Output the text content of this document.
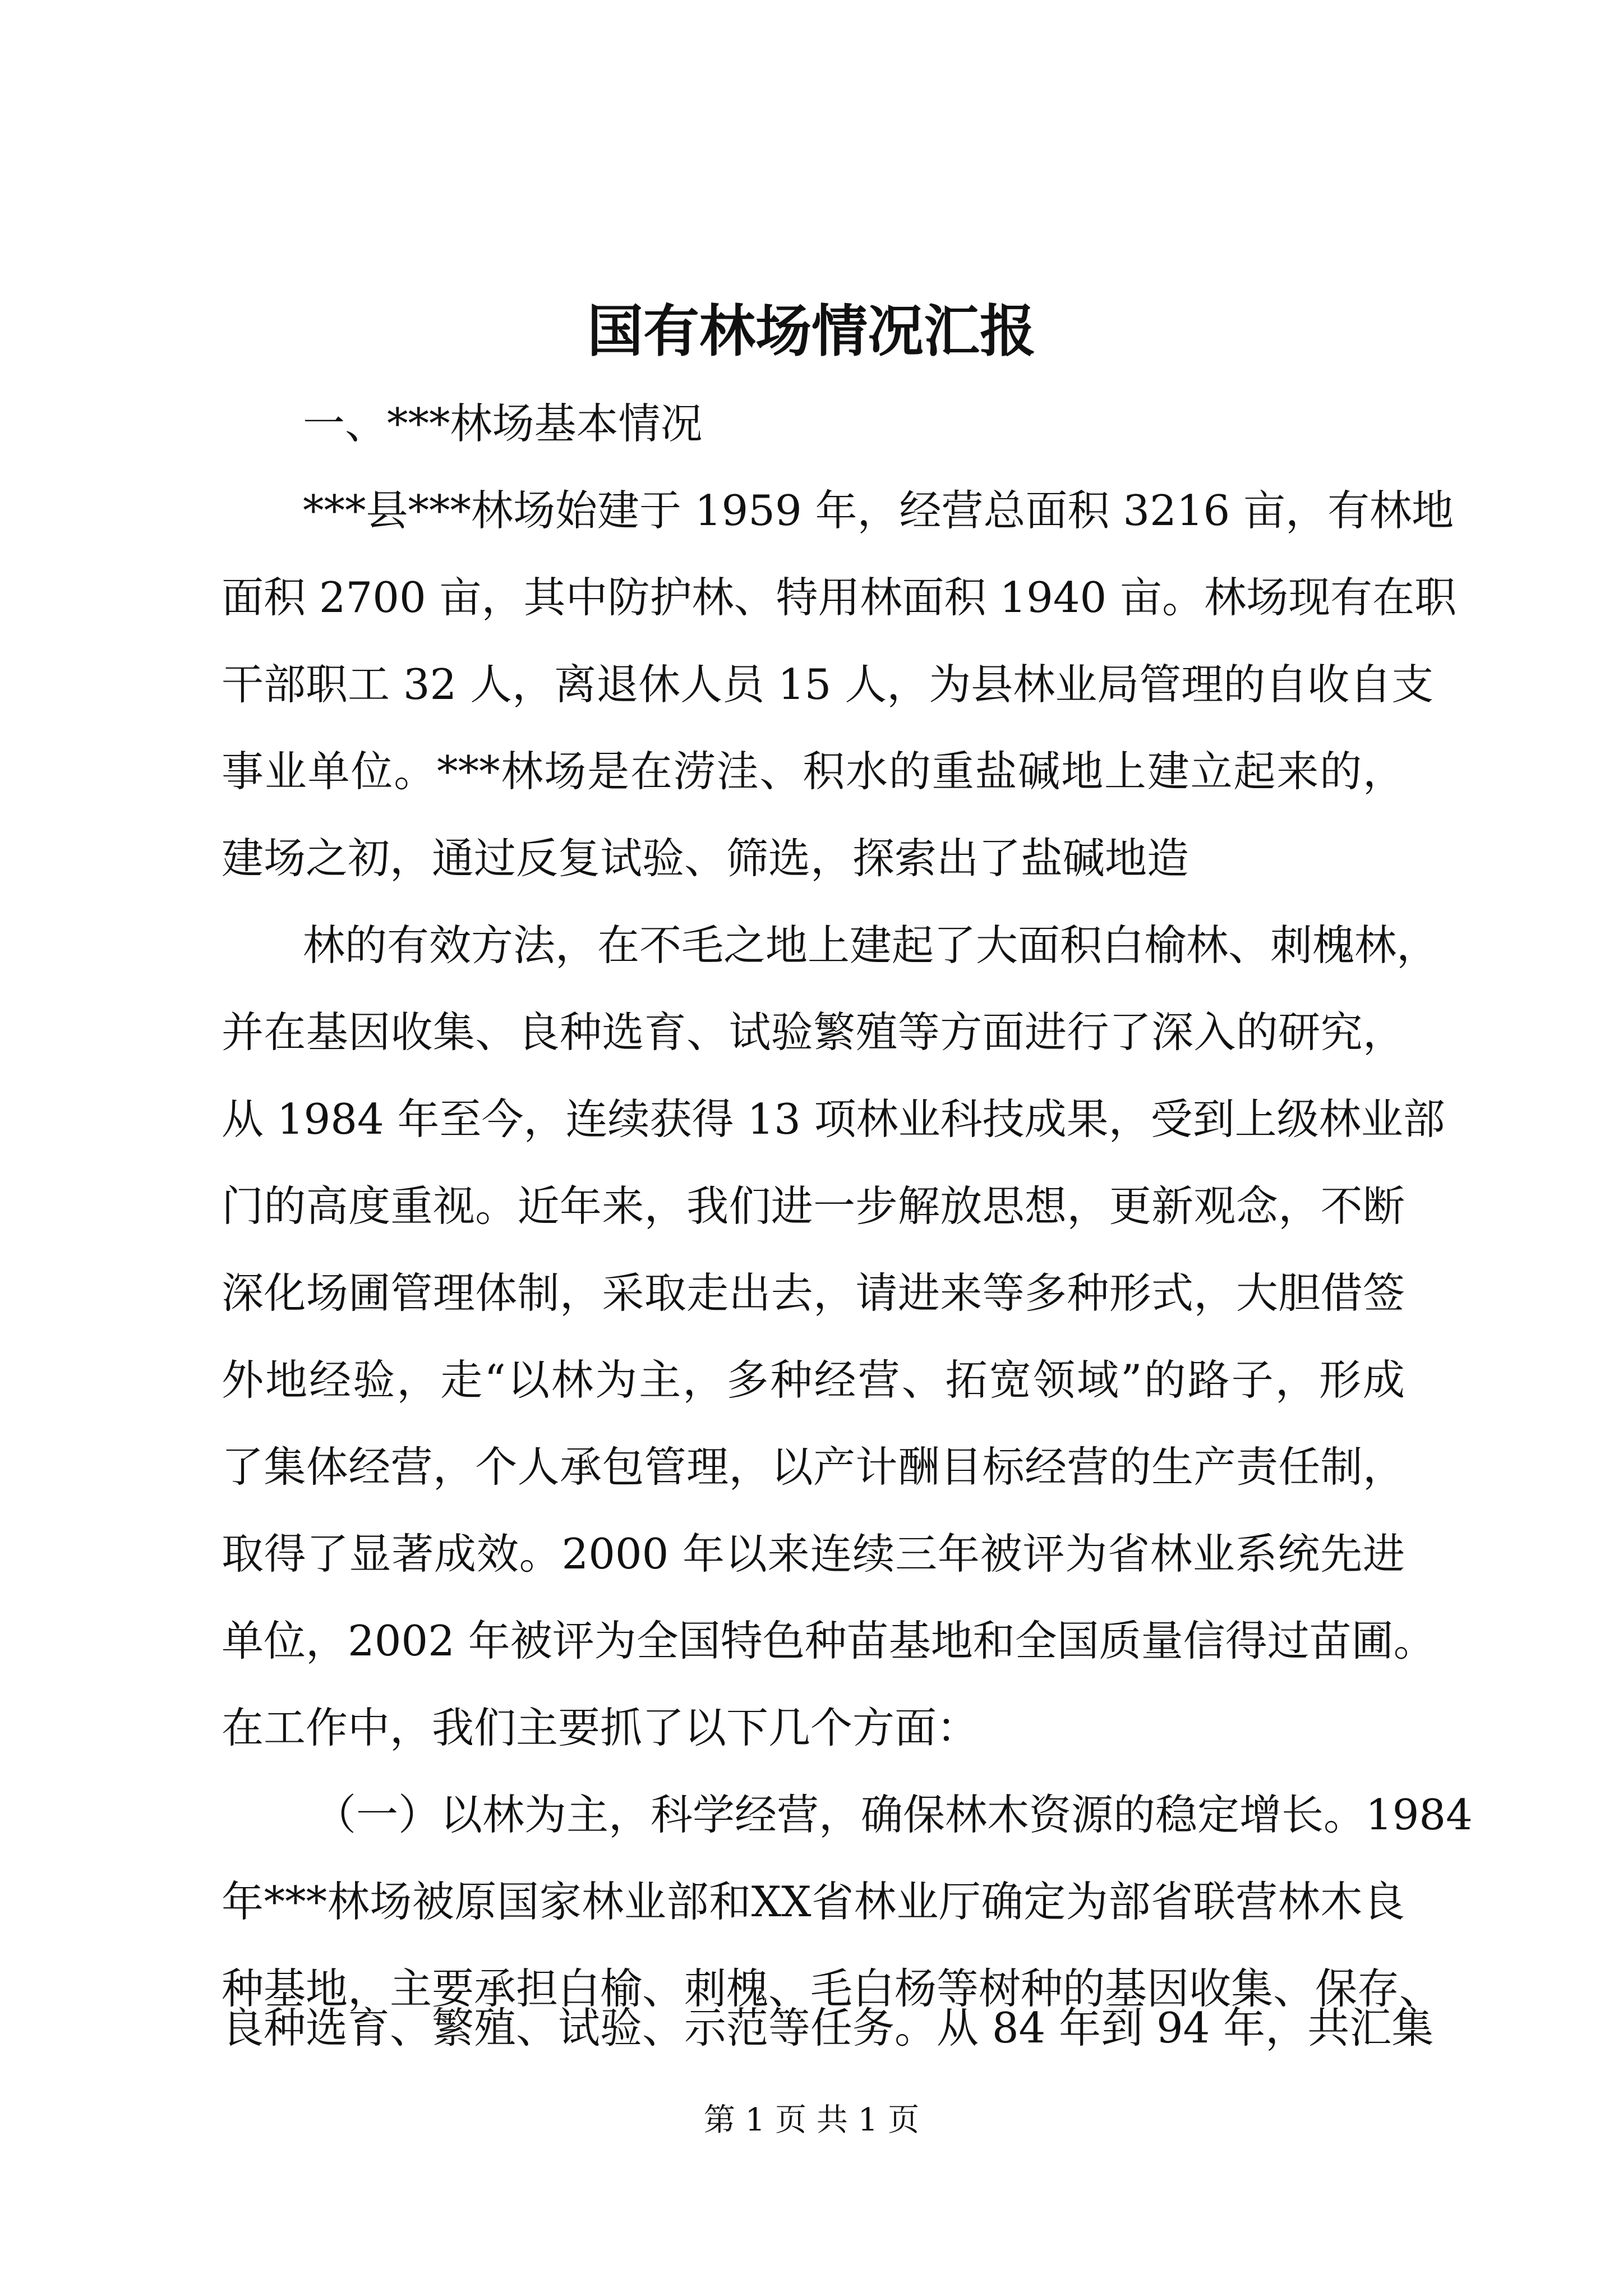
国有林场情况汇报
一、***林场基本情况
***县***林场始建于 1959 年，经营总面积 3216 亩，有林地
面积 2700 亩，其中防护林、特用林面积 1940 亩。林场现有在职
干部职工 32 人，离退休人员 15 人，为县林业局管理的自收自支
事业单位。***林场是在涝洼、积水的重盐碱地上建立起来的，
建场之初，通过反复试验、筛选，探索出了盐碱地造
林的有效方法，在不毛之地上建起了大面积白榆林、刺槐林，
并在基因收集、良种选育、试验繁殖等方面进行了深入的研究，
从 1984 年至今，连续获得 13 项林业科技成果，受到上级林业部
门的高度重视。近年来，我们进一步解放思想，更新观念，不断
深化场圃管理体制，采取走出去，请进来等多种形式，大胆借签
外地经验，走“以林为主，多种经营、拓宽领域”的路子，形成
了集体经营，个人承包管理，以产计酬目标经营的生产责任制，
取得了显著成效。2000 年以来连续三年被评为省林业系统先进
单位，2002 年被评为全国特色种苗基地和全国质量信得过苗圃。
在工作中，我们主要抓了以下几个方面：
（一）以林为主，科学经营，确保林木资源的稳定增长。1984
年***林场被原国家林业部和XX省林业厅确定为部省联营林木良
种基地，主要承担白榆、刺槐、毛白杨等树种的基因收集、保存、
良种选育、繁殖、试验、示范等任务。从 84 年到 94 年，共汇集
第 1 页 共 1 页
